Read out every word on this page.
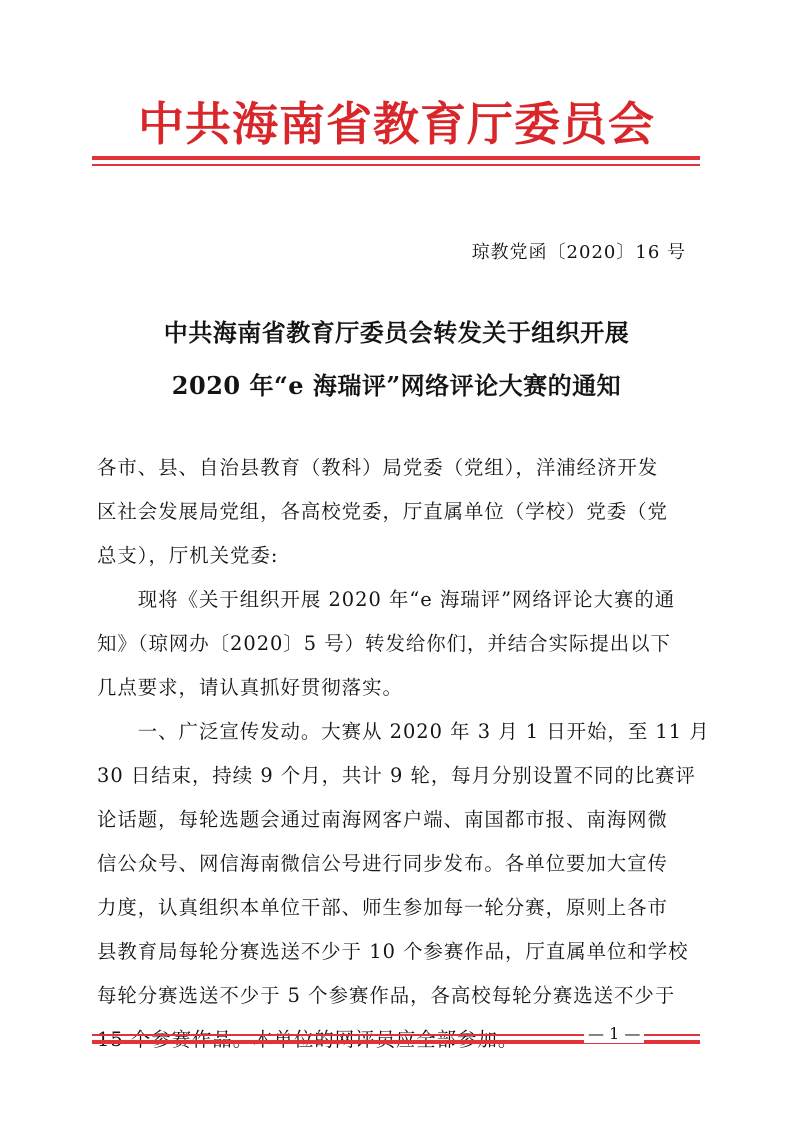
中共海南省教育厅委员会
琼教党函〔2020〕16 号
中共海南省教育厅委员会转发关于组织开展
2020 年“e 海瑞评”网络评论大赛的通知
各市、县、自治县教育（教科）局党委（党组），洋浦经济开发
区社会发展局党组，各高校党委，厅直属单位（学校）党委（党
总支），厅机关党委:
　　现将《关于组织开展 2020 年“e 海瑞评”网络评论大赛的通
知》（琼网办〔2020〕5 号）转发给你们，并结合实际提出以下
几点要求，请认真抓好贯彻落实。
　　一、广泛宣传发动。大赛从 2020 年 3 月 1 日开始，至 11 月
30 日结束，持续 9 个月，共计 9 轮，每月分别设置不同的比赛评
论话题，每轮选题会通过南海网客户端、南国都市报、南海网微
信公众号、网信海南微信公号进行同步发布。各单位要加大宣传
力度，认真组织本单位干部、师生参加每一轮分赛，原则上各市
县教育局每轮分赛选送不少于 10 个参赛作品，厅直属单位和学校
每轮分赛选送不少于 5 个参赛作品，各高校每轮分赛选送不少于
— 1 —
